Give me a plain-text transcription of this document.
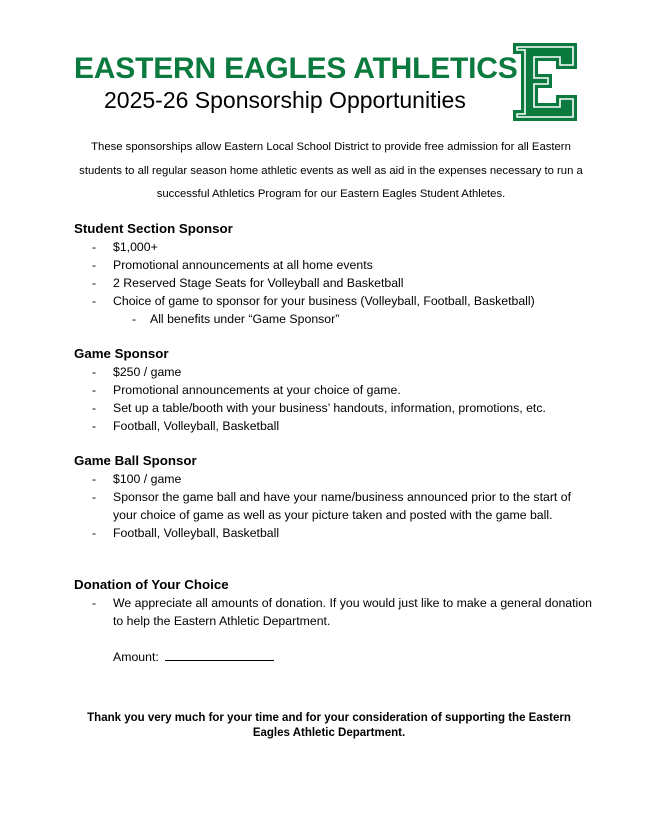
EASTERN EAGLES ATHLETICS
2025-26 Sponsorship Opportunities
These sponsorships allow Eastern Local School District to provide free admission for all Eastern students to all regular season home athletic events as well as aid in the expenses necessary to run a successful Athletics Program for our Eastern Eagles Student Athletes.

Student Section Sponsor

- $1,000+
- Promotional announcements at all home events
- 2 Reserved Stage Seats for Volleyball and Basketball
- Choice of game to sponsor for your business (Volleyball, Football, Basketball)
- All benefits under “Game Sponsor”

Game Sponsor

- $250 / game
- Promotional announcements at your choice of game.
- Set up a table/booth with your business’ handouts, information, promotions, etc.
- Football, Volleyball, Basketball

Game Ball Sponsor

- $100 / game
- Sponsor the game ball and have your name/business announced prior to the start of your choice of game as well as your picture taken and posted with the game ball.
- Football, Volleyball, Basketball

Donation of Your Choice

- We appreciate all amounts of donation. If you would just like to make a general donation to help the Eastern Athletic Department.
Amount:
Thank you very much for your time and for your consideration of supporting the Eastern Eagles Athletic Department.
